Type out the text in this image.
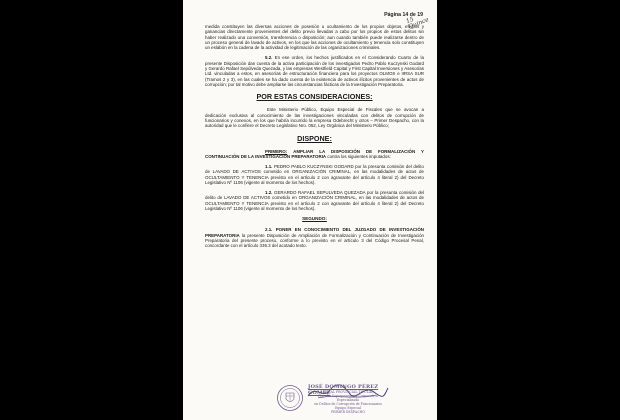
Página 14 de 19
15 Quince

medida constituyen las diversas acciones de posesión u ocultamiento de los propios objetos, efectos y ganancias directamente provenientes del delito previo llevadas a cabo por los propios de estos delitos sin haber realizado una conversión, transferencia o disposición; aun cuando también puede realizarse dentro de un proceso general de lavado de activos, en los que las acciones de ocultamiento y tenencia solo constituyen un eslabón en la cadena de la actividad de legitimación de las organizaciones criminales.

5.2. En ese orden, los hechos justificados en el Considerando Cuarto de la presente Disposición dan cuenta de la activa participación de los investigados Pedro Pablo Kuczynski Godard y Gerardo Rafael Sepúlveda Quezada, y las empresas Westfield Capital y First Capital Inversiones y Asesorías Ltd. vinculadas a estos, en asesorías de estructuración financiera para los proyectos OLMOS e IIRSA SUR (Tramos 2 y 3), en las cuales se ha dado cuenta de la existencia de activos ilícitos provenientes de actos de corrupción; por tal motivo debe ampliarse las circunstancias fácticas de la Investigación Preparatoria.

POR ESTAS CONSIDERACIONES:

Este Ministerio Público, Equipo Especial de Fiscales que se avocan a dedicación exclusiva al conocimiento de las investigaciones vinculadas con delitos de corrupción de funcionarios y conexos, en los que habría incurrido la empresa Odebrecht y otros – Primer Despacho, con la autoridad que le confiere el Decreto Legislativo Nro. 052, Ley Orgánica del Ministerio Público;

DISPONE:

PRIMERO: AMPLIAR LA DISPOSICIÓN DE FORMALIZACIÓN Y CONTINUACIÓN DE LA INVESTIGACIÓN PREPARATORIA contra los siguientes imputados:

1.1. PEDRO PABLO KUCZYNSKI GODARD por la presunta comisión del delito de LAVADO DE ACTIVOS cometido en ORGANIZACIÓN CRIMINAL, en las modalidades de actos de OCULTAMIENTO Y TENENCIA previsto en el artículo 2 con agravante del artículo 4 literal 2) del Decreto Legislativo Nº 1106 (vigente al momento de los hechos).

1.2. GERARDO RAFAEL SEPULVEDA QUEZADA por la presunta comisión del delito de LAVADO DE ACTIVOS cometido en ORGANIZACIÓN CRIMINAL, en las modalidades de actos de OCULTAMIENTO Y TENENCIA previsto en el artículo 2 con agravante del artículo 4 literal 2) del Decreto Legislativo Nº 1106 (vigente al momento de los hechos).

SEGUNDO:

2.1. PONER EN CONOCIMIENTO DEL JUZGADO DE INVESTIGACIÓN PREPARATORIA la presente Disposición de Ampliación de Formalización y Continuación de Investigación Preparatoria del presente proceso, conforme a lo previsto en el artículo 3 del Código Procesal Penal, concordante con el artículo 336.3 del acotado texto.

JOSÉ DOMINGO PÉREZ GÓMEZ
FISCAL PROVINCIAL TITULAR
Fiscalía Supraprovincial Corporativa Especializada
en Delitos de Corrupción de Funcionarios
Equipo Especial
PRIMER DESPACHO
